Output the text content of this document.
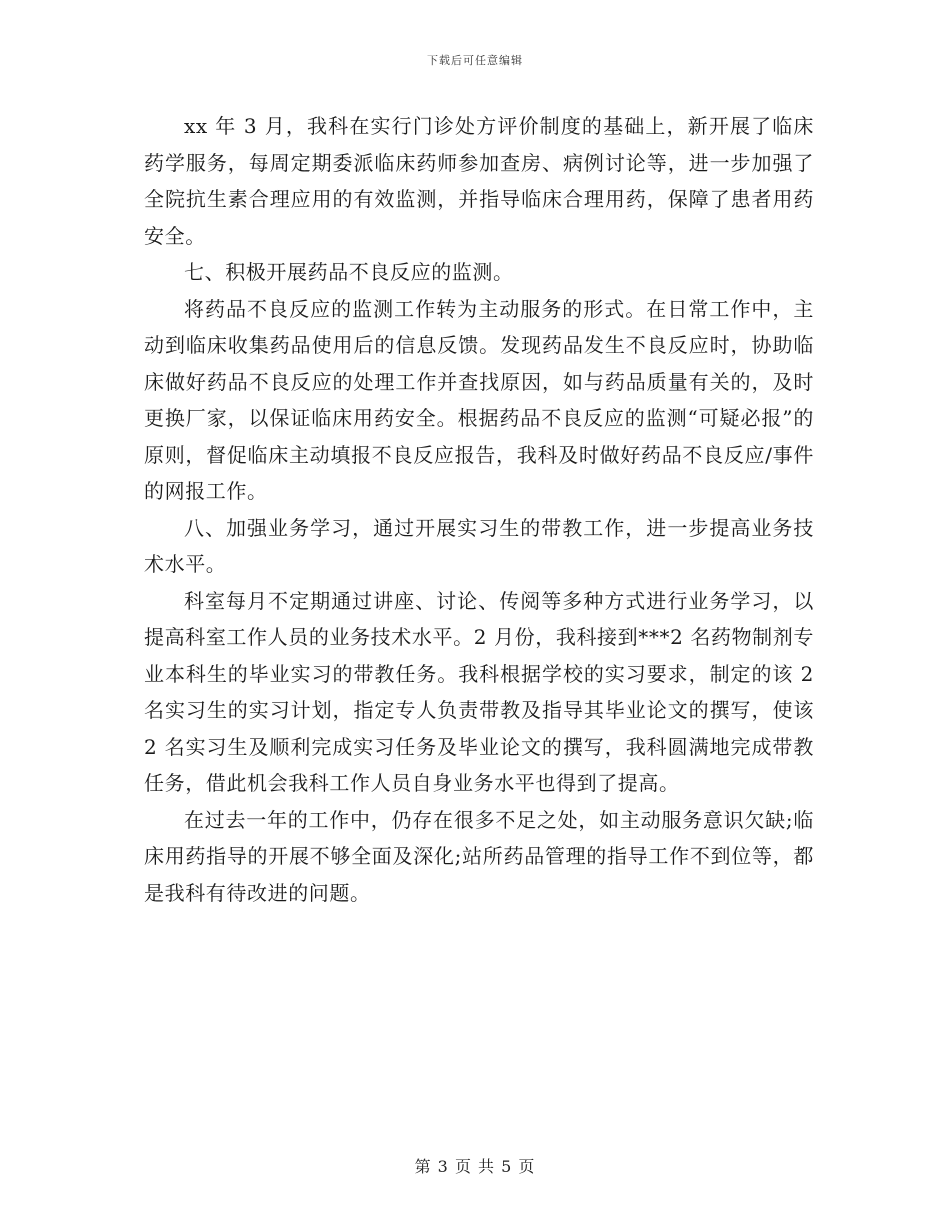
下载后可任意编辑

xx 年 3 月，我科在实行门诊处方评价制度的基础上，新开展了临床药学服务，每周定期委派临床药师参加查房、病例讨论等，进一步加强了全院抗生素合理应用的有效监测，并指导临床合理用药，保障了患者用药安全。

七、积极开展药品不良反应的监测。

将药品不良反应的监测工作转为主动服务的形式。在日常工作中，主动到临床收集药品使用后的信息反馈。发现药品发生不良反应时，协助临床做好药品不良反应的处理工作并查找原因，如与药品质量有关的，及时更换厂家，以保证临床用药安全。根据药品不良反应的监测“可疑必报”的原则，督促临床主动填报不良反应报告，我科及时做好药品不良反应/事件的网报工作。

八、加强业务学习，通过开展实习生的带教工作，进一步提高业务技术水平。

科室每月不定期通过讲座、讨论、传阅等多种方式进行业务学习，以提高科室工作人员的业务技术水平。2 月份，我科接到***2 名药物制剂专业本科生的毕业实习的带教任务。我科根据学校的实习要求，制定的该 2 名实习生的实习计划，指定专人负责带教及指导其毕业论文的撰写，使该 2 名实习生及顺利完成实习任务及毕业论文的撰写，我科圆满地完成带教任务，借此机会我科工作人员自身业务水平也得到了提高。

在过去一年的工作中，仍存在很多不足之处，如主动服务意识欠缺;临床用药指导的开展不够全面及深化;站所药品管理的指导工作不到位等，都是我科有待改进的问题。

第 3 页 共 5 页
